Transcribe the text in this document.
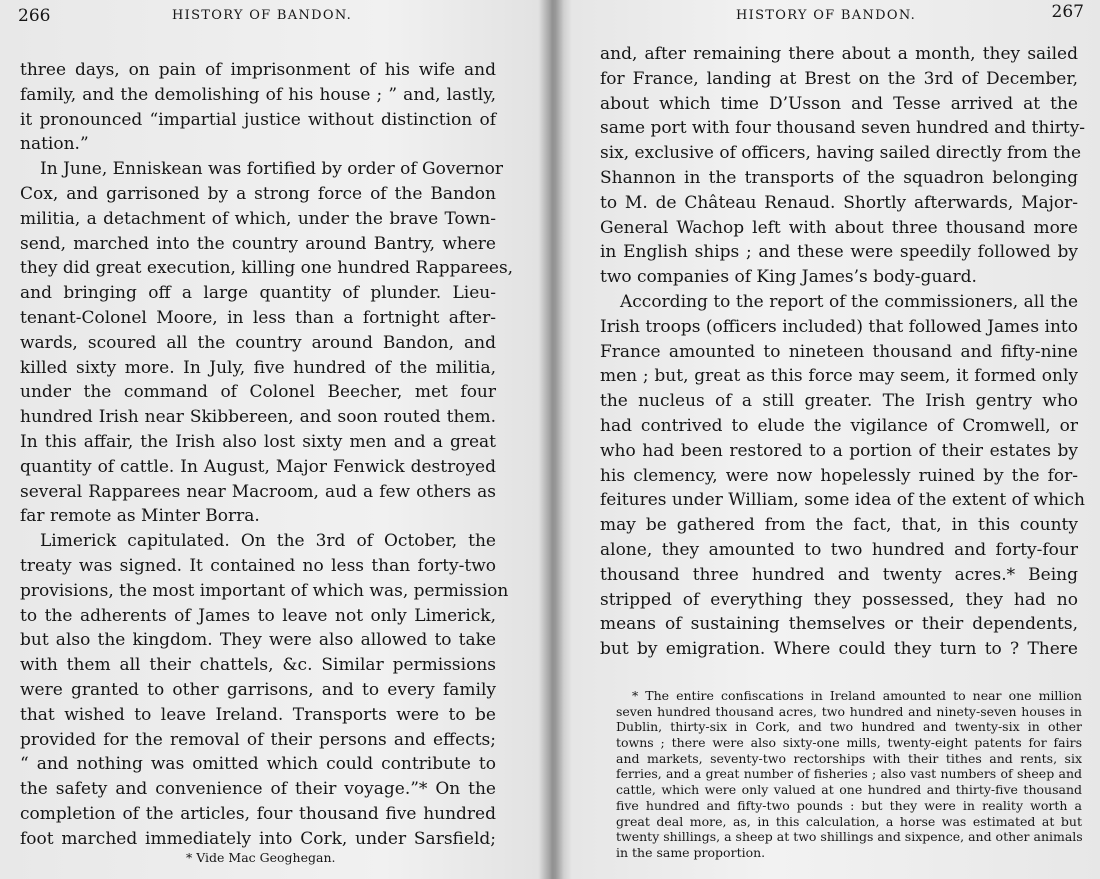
266	HISTORY OF BANDON.
three days, on pain of imprisonment of his wife and
family, and the demolishing of his house ; ” and, lastly,
it pronounced “impartial justice without distinction of
nation.”
In June, Enniskean was fortified by order of Governor
Cox, and garrisoned by a strong force of the Bandon
militia, a detachment of which, under the brave Town-
send, marched into the country around Bantry, where
they did great execution, killing one hundred Rapparees,
and bringing off a large quantity of plunder. Lieu-
tenant-Colonel Moore, in less than a fortnight after-
wards, scoured all the country around Bandon, and
killed sixty more. In July, five hundred of the militia,
under the command of Colonel Beecher, met four
hundred Irish near Skibbereen, and soon routed them.
In this affair, the Irish also lost sixty men and a great
quantity of cattle. In August, Major Fenwick destroyed
several Rapparees near Macroom, aud a few others as
far remote as Minter Borra.
Limerick capitulated. On the 3rd of October, the
treaty was signed. It contained no less than forty-two
provisions, the most important of which was, permission
to the adherents of James to leave not only Limerick,
but also the kingdom. They were also allowed to take
with them all their chattels, &c. Similar permissions
were granted to other garrisons, and to every family
that wished to leave Ireland. Transports were to be
provided for the removal of their persons and effects;
“ and nothing was omitted which could contribute to
the safety and convenience of their voyage.”* On the
completion of the articles, four thousand five hundred
foot marched immediately into Cork, under Sarsfield;
* Vide Mac Geoghegan.
HISTORY OF BANDON.	267
and, after remaining there about a month, they sailed
for France, landing at Brest on the 3rd of December,
about which time D’Usson and Tesse arrived at the
same port with four thousand seven hundred and thirty-
six, exclusive of officers, having sailed directly from the
Shannon in the transports of the squadron belonging
to M. de Château Renaud. Shortly afterwards, Major-
General Wachop left with about three thousand more
in English ships ; and these were speedily followed by
two companies of King James’s body-guard.
According to the report of the commissioners, all the
Irish troops (officers included) that followed James into
France amounted to nineteen thousand and fifty-nine
men ; but, great as this force may seem, it formed only
the nucleus of a still greater. The Irish gentry who
had contrived to elude the vigilance of Cromwell, or
who had been restored to a portion of their estates by
his clemency, were now hopelessly ruined by the for-
feitures under William, some idea of the extent of which
may be gathered from the fact, that, in this county
alone, they amounted to two hundred and forty-four
thousand three hundred and twenty acres.* Being
stripped of everything they possessed, they had no
means of sustaining themselves or their dependents,
but by emigration. Where could they turn to ? There
* The entire confiscations in Ireland amounted to near one million
seven hundred thousand acres, two hundred and ninety-seven houses in
Dublin, thirty-six in Cork, and two hundred and twenty-six in other
towns ; there were also sixty-one mills, twenty-eight patents for fairs
and markets, seventy-two rectorships with their tithes and rents, six
ferries, and a great number of fisheries ; also vast numbers of sheep and
cattle, which were only valued at one hundred and thirty-five thousand
five hundred and fifty-two pounds : but they were in reality worth a
great deal more, as, in this calculation, a horse was estimated at but
twenty shillings, a sheep at two shillings and sixpence, and other animals
in the same proportion.
